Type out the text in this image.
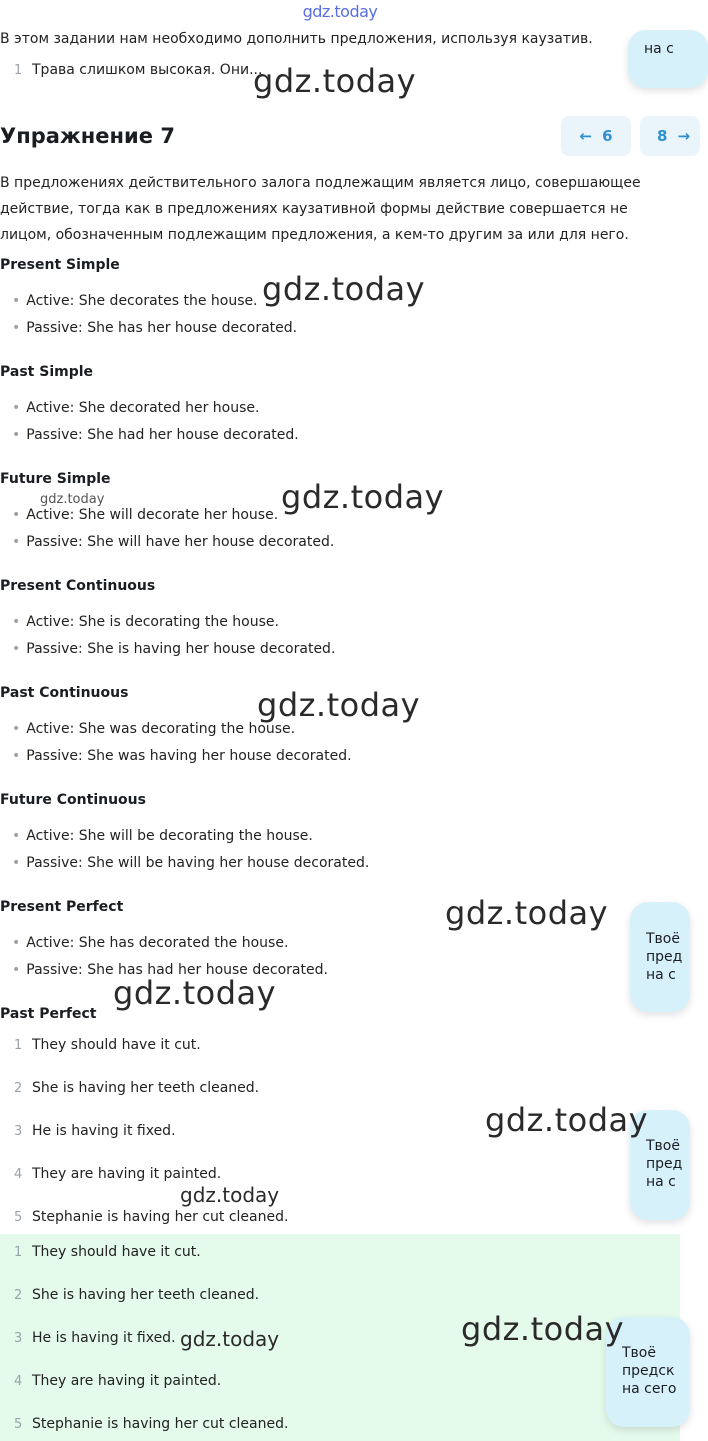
gdz.today
В этом задании нам необходимо дополнить предложения, используя каузатив.
1 Трава слишком высокая. Они...
на с
Упражнение 7	← 6	8 →
В предложениях действительного залога подлежащим является лицо, совершающее действие, тогда как в предложениях каузативной формы действие совершается не лицом, обозначенным подлежащим предложения, а кем-то другим за или для него.
Present Simple
• Active: She decorates the house.
• Passive: She has her house decorated.
Past Simple
• Active: She decorated her house.
• Passive: She had her house decorated.
Future Simple
• Active: She will decorate her house.
• Passive: She will have her house decorated.
Present Continuous
• Active: She is decorating the house.
• Passive: She is having her house decorated.
Past Continuous
• Active: She was decorating the house.
• Passive: She was having her house decorated.
Future Continuous
• Active: She will be decorating the house.
• Passive: She will be having her house decorated.
Present Perfect
• Active: She has decorated the house.
• Passive: She has had her house decorated.
Past Perfect
1 They should have it cut.
2 She is having her teeth cleaned.
3 He is having it fixed.
4 They are having it painted.
5 Stephanie is having her cut cleaned.
1 They should have it cut.
2 She is having her teeth cleaned.
3 He is having it fixed.
4 They are having it painted.
5 Stephanie is having her cut cleaned.
Твоё
пред
на с
Твоё
пред
на с
Твоё
предск
на сего
gdz.today
gdz.today
gdz.today	gdz.today
gdz.today
gdz.today
gdz.today
gdz.today
gdz.today
gdz.today	gdz.today
